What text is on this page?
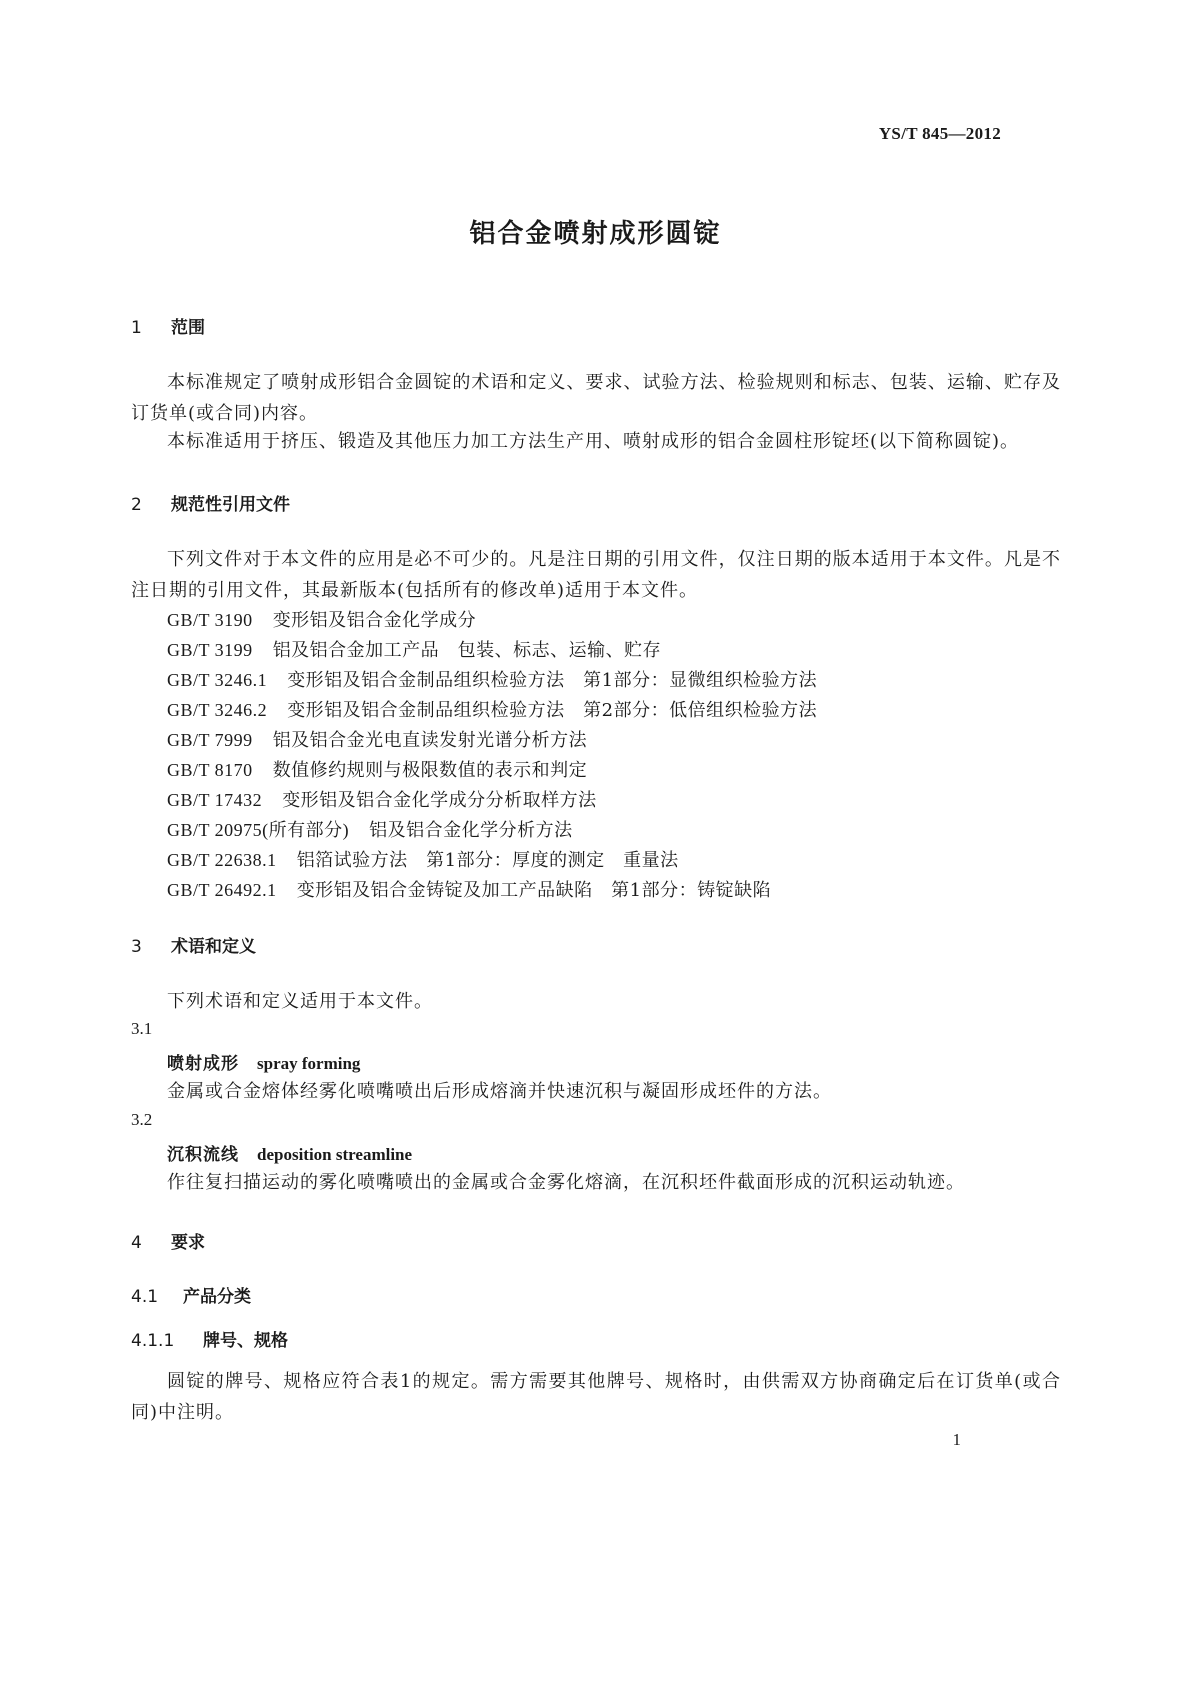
YS/T 845—2012
铝合金喷射成形圆锭
1 范围
本标准规定了喷射成形铝合金圆锭的术语和定义、要求、试验方法、检验规则和标志、包装、运输、贮存及订货单(或合同)内容。
本标准适用于挤压、锻造及其他压力加工方法生产用、喷射成形的铝合金圆柱形锭坯(以下简称圆锭)。
2 规范性引用文件
下列文件对于本文件的应用是必不可少的。凡是注日期的引用文件，仅注日期的版本适用于本文件。凡是不注日期的引用文件，其最新版本(包括所有的修改单)适用于本文件。
GB/T 3190 变形铝及铝合金化学成分
GB/T 3199 铝及铝合金加工产品　包装、标志、运输、贮存
GB/T 3246.1 变形铝及铝合金制品组织检验方法　第1部分：显微组织检验方法
GB/T 3246.2 变形铝及铝合金制品组织检验方法　第2部分：低倍组织检验方法
GB/T 7999 铝及铝合金光电直读发射光谱分析方法
GB/T 8170 数值修约规则与极限数值的表示和判定
GB/T 17432 变形铝及铝合金化学成分分析取样方法
GB/T 20975(所有部分) 铝及铝合金化学分析方法
GB/T 22638.1 铝箔试验方法　第1部分：厚度的测定　重量法
GB/T 26492.1 变形铝及铝合金铸锭及加工产品缺陷　第1部分：铸锭缺陷
3 术语和定义
下列术语和定义适用于本文件。
3.1
喷射成形 spray forming
金属或合金熔体经雾化喷嘴喷出后形成熔滴并快速沉积与凝固形成坯件的方法。
3.2
沉积流线 deposition streamline
作往复扫描运动的雾化喷嘴喷出的金属或合金雾化熔滴，在沉积坯件截面形成的沉积运动轨迹。
4 要求
4.1 产品分类
4.1.1 牌号、规格
圆锭的牌号、规格应符合表1的规定。需方需要其他牌号、规格时，由供需双方协商确定后在订货单(或合同)中注明。
1
